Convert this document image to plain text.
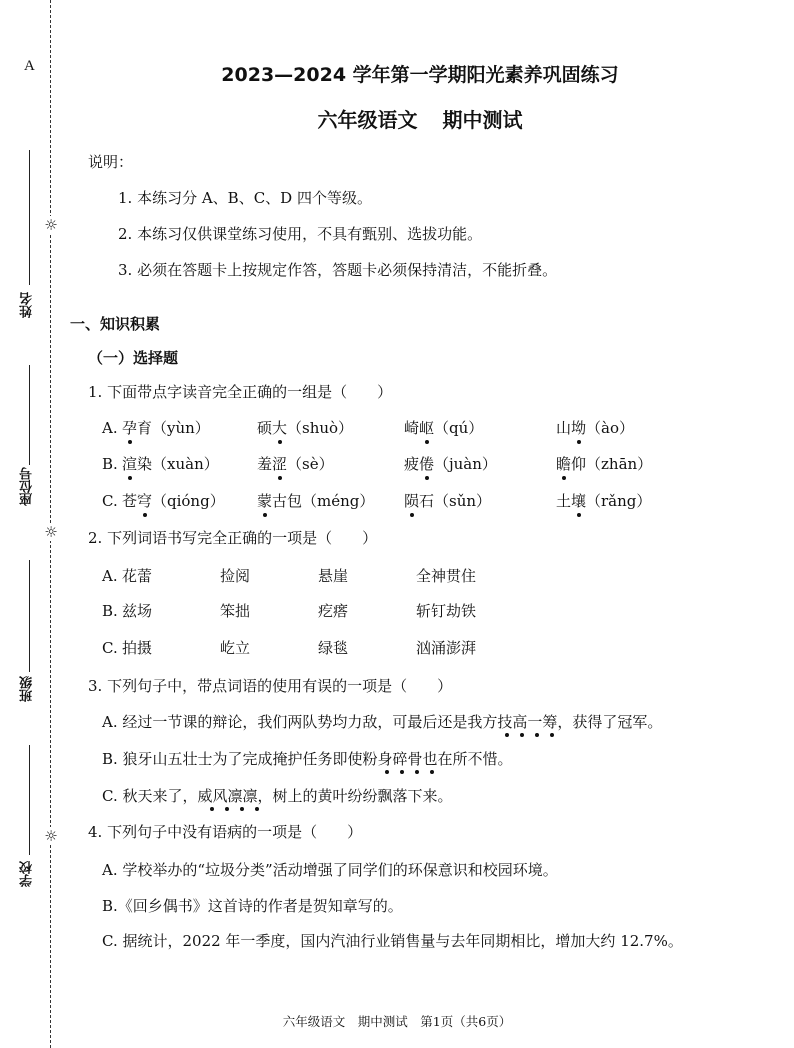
A
☼
☼
☼
姓名
座位号
班级
学校
2023—2024 学年第一学期阳光素养巩固练习
六年级语文 期中测试
说明：
1. 本练习分 A、B、C、D 四个等级。
2. 本练习仅供课堂练习使用，不具有甄别、选拔功能。
3. 必须在答题卡上按规定作答，答题卡必须保持清洁，不能折叠。
一、知识积累
（一）选择题
1. 下面带点字读音完全正确的一组是（　　）
A. 孕育（yùn）	硕大（shuò）	崎岖（qú）	山坳（ào）
B. 渲染（xuàn）	羞涩（sè）	疲倦（juàn）	瞻仰（zhān）
C. 苍穹（qióng） 蒙古包（méng） 陨石（sǔn）	土壤（rǎng）
2. 下列词语书写完全正确的一项是（　　）
A. 花蕾	捡阅	悬崖	全神贯住
B. 兹场	笨拙	疙瘩	斩钉劫铁
C. 拍摄	屹立	绿毯	汹涌澎湃
3. 下列句子中，带点词语的使用有误的一项是（　　）
A. 经过一节课的辩论，我们两队势均力敌，可最后还是我方技高一筹，获得了冠军。
B. 狼牙山五壮士为了完成掩护任务即使粉身碎骨也在所不惜。
C. 秋天来了，威风凛凛，树上的黄叶纷纷飘落下来。
4. 下列句子中没有语病的一项是（　　）
A. 学校举办的“垃圾分类”活动增强了同学们的环保意识和校园环境。
B.《回乡偶书》这首诗的作者是贺知章写的。
C. 据统计，2022 年一季度，国内汽油行业销售量与去年同期相比，增加大约 12.7%。
六年级语文　期中测试　第1页（共6页）
